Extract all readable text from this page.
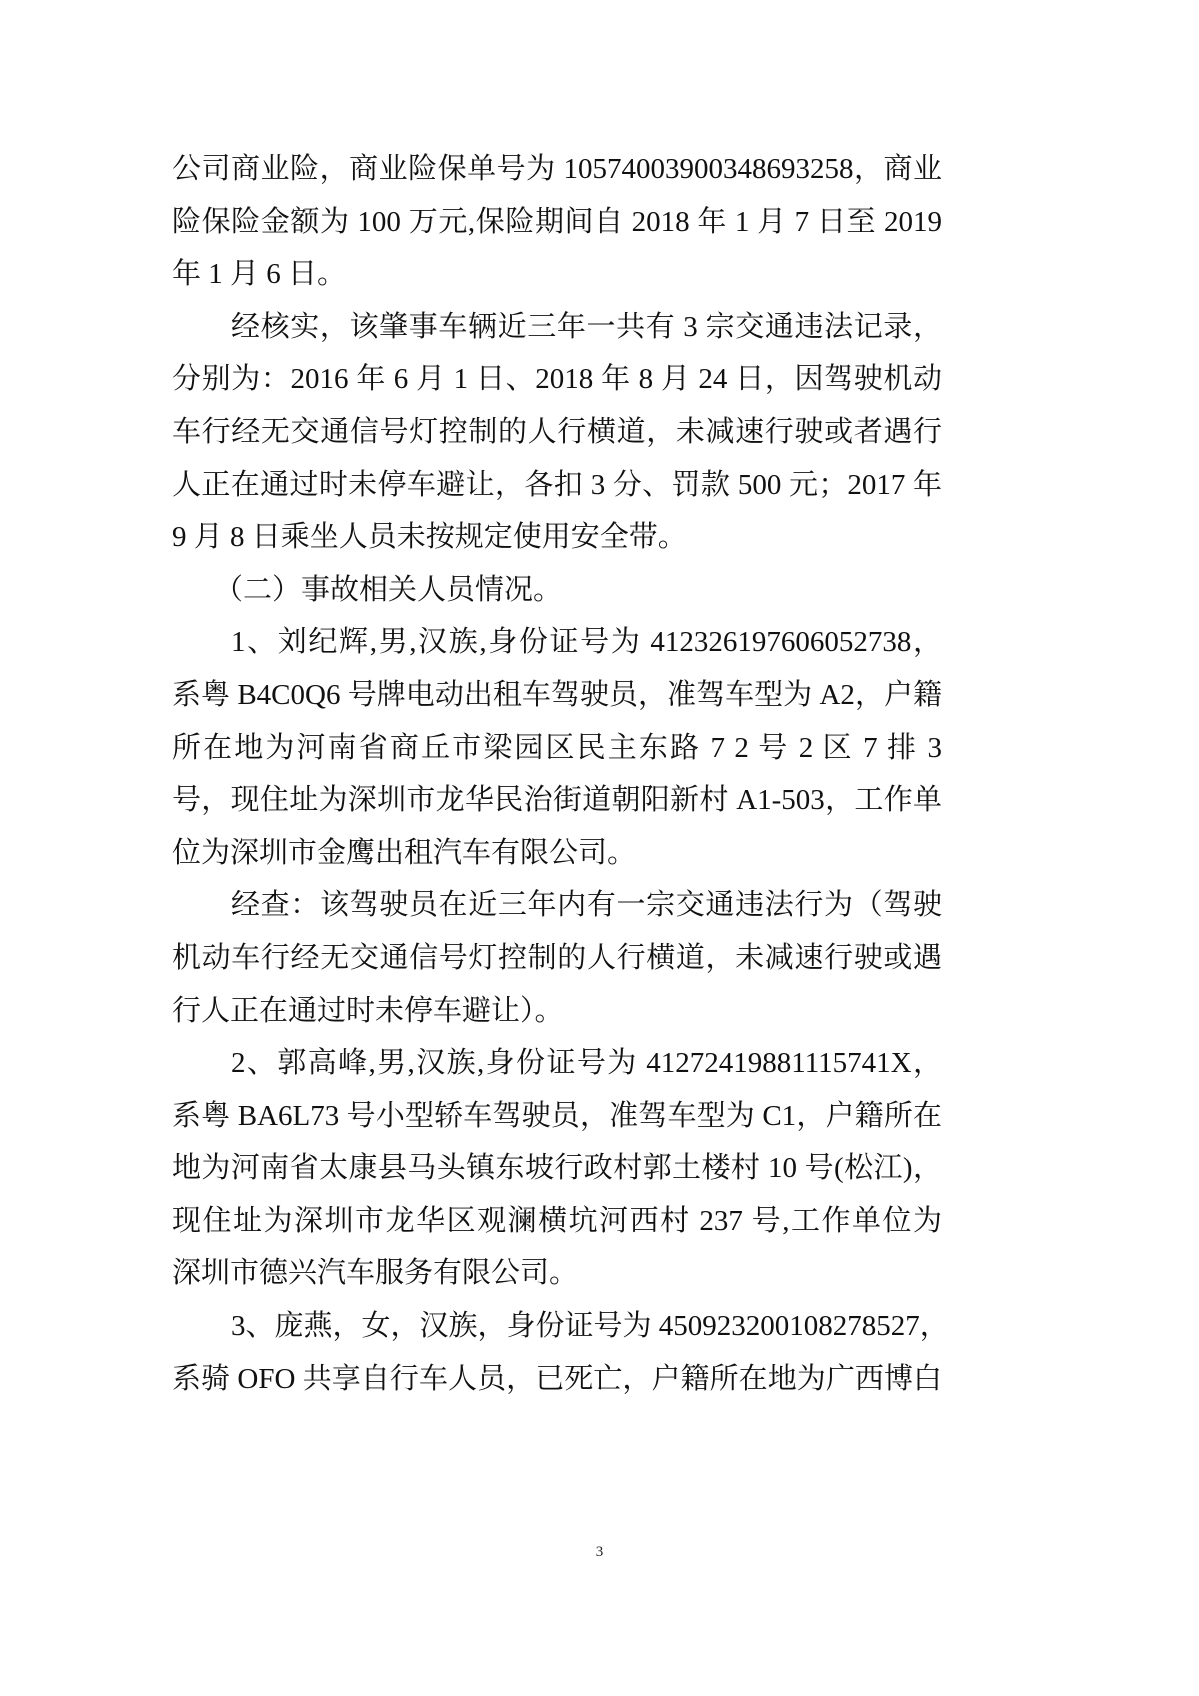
公司商业险，商业险保单号为 10574003900348693258，商业
险保险金额为 100 万元,保险期间自 2018 年 1 月 7 日至 2019
年 1 月 6 日。
经核实，该肇事车辆近三年一共有 3 宗交通违法记录，
分别为：2016 年 6 月 1 日、2018 年 8 月 24 日，因驾驶机动
车行经无交通信号灯控制的人行横道，未减速行驶或者遇行
人正在通过时未停车避让，各扣 3 分、罚款 500 元；2017 年
9 月 8 日乘坐人员未按规定使用安全带。
（二）事故相关人员情况。
1、刘纪辉,男,汉族,身份证号为 412326197606052738，
系粤 B4C0Q6 号牌电动出租车驾驶员，准驾车型为 A2，户籍
所在地为河南省商丘市梁园区民主东路 7 2 号 2 区 7 排 3
号，现住址为深圳市龙华民治街道朝阳新村 A1-503，工作单
位为深圳市金鹰出租汽车有限公司。
经查：该驾驶员在近三年内有一宗交通违法行为（驾驶
机动车行经无交通信号灯控制的人行横道，未减速行驶或遇
行人正在通过时未停车避让）。
2、郭高峰,男,汉族,身份证号为 41272419881115741X，
系粤 BA6L73 号小型轿车驾驶员，准驾车型为 C1，户籍所在
地为河南省太康县马头镇东坡行政村郭土楼村 10 号(松江)，
现住址为深圳市龙华区观澜横坑河西村 237 号,工作单位为
深圳市德兴汽车服务有限公司。
3、庞燕，女，汉族，身份证号为 450923200108278527，
系骑 OFO 共享自行车人员，已死亡，户籍所在地为广西博白
3
